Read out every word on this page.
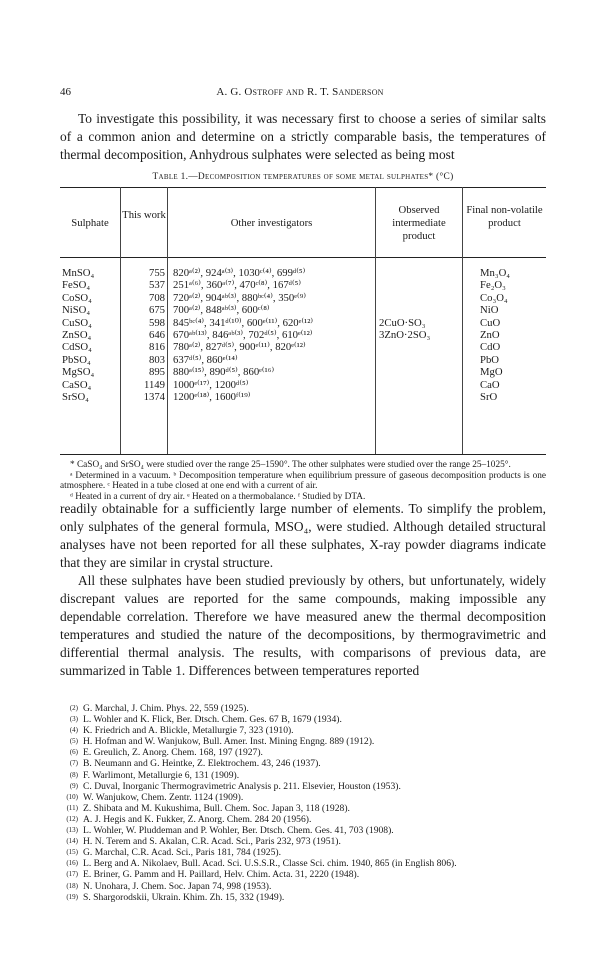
46	A. G. Ostroff and R. T. Sanderson
To investigate this possibility, it was necessary first to choose a series of similar salts of a common anion and determine on a strictly comparable basis, the temperatures of thermal decomposition, Anhydrous sulphates were selected as being most
Table 1.—Decomposition temperatures of some metal sulphates* (°C)
Sulphate
This work
Other investigators
Observed intermediate product
Final non-volatile product
MnSO₄
FeSO₄
CoSO₄
NiSO₄
CuSO₄
ZnSO₄
CdSO₄
PbSO₄
MgSO₄
CaSO₄
SrSO₄
755
537
708
675
598
646
816
803
895
1149
1374
820ᵃ⁽²⁾, 924ᵃ⁽³⁾, 1030ᶜ⁽⁴⁾, 699ᵈ⁽⁵⁾
251ᵃ⁽⁶⁾, 360ᵃ⁽⁷⁾, 470ᶜ⁽⁸⁾, 167ᵈ⁽⁵⁾
720ᵃ⁽²⁾, 904ᵃᵇ⁽³⁾, 880ᵇᶜ⁽⁴⁾, 350ᵉ⁽⁹⁾
700ᵃ⁽²⁾, 848ᵃᵇ⁽³⁾, 600ᶜ⁽⁸⁾
845ᵇᶜ⁽⁴⁾, 341ᵈ⁽¹⁰⁾, 600ᵉ⁽¹¹⁾, 620ᵉ⁽¹²⁾
670ᵃᵇ⁽¹³⁾, 846ᵃᵇ⁽³⁾, 702ᵈ⁽⁵⁾, 610ᵉ⁽¹²⁾
780ᵃ⁽²⁾, 827ᵈ⁽⁵⁾, 900ᵉ⁽¹¹⁾, 820ᵉ⁽¹²⁾
637ᵈ⁽⁵⁾, 860ᵉ⁽¹⁴⁾
880ᵃ⁽¹⁵⁾, 890ᵈ⁽⁵⁾, 860ᵉ⁽¹⁶⁾
1000ᵉ⁽¹⁷⁾, 1200ᵈ⁽⁵⁾
1200ᵉ⁽¹⁸⁾, 1600ᶠ⁽¹⁹⁾
2CuO·SO₃
3ZnO·2SO₃
Mn₃O₄
Fe₂O₃
Co₃O₄
NiO
CuO
ZnO
CdO
PbO
MgO
CaO
SrO

* CaSO₄ and SrSO₄ were studied over the range 25–1590°. The other sulphates were studied over the range 25–1025°.

ᵃ Determined in a vacuum. ᵇ Decomposition temperature when equilibrium pressure of gaseous decomposition products is one atmosphere. ᶜ Heated in a tube closed at one end with a current of air.

ᵈ Heated in a current of dry air. ᵉ Heated on a thermobalance. ᶠ Studied by DTA.

readily obtainable for a sufficiently large number of elements. To simplify the problem, only sulphates of the general formula, MSO₄, were studied. Although detailed structural analyses have not been reported for all these sulphates, X-ray powder diagrams indicate that they are similar in crystal structure.
All these sulphates have been studied previously by others, but unfortunately, widely discrepant values are reported for the same compounds, making impossible any dependable correlation. Therefore we have measured anew the thermal decomposition temperatures and studied the nature of the decompositions, by thermogravimetric and differential thermal analysis. The results, with comparisons of previous data, are summarized in Table 1. Differences between temperatures reported
(2) G. Marchal, J. Chim. Phys. 22, 559 (1925).
(3) L. Wohler and K. Flick, Ber. Dtsch. Chem. Ges. 67 B, 1679 (1934).
(4) K. Friedrich and A. Blickle, Metallurgie 7, 323 (1910).
(5) H. Hofman and W. Wanjukow, Bull. Amer. Inst. Mining Engng. 889 (1912).
(6) E. Greulich, Z. Anorg. Chem. 168, 197 (1927).
(7) B. Neumann and G. Heintke, Z. Elektrochem. 43, 246 (1937).
(8) F. Warlimont, Metallurgie 6, 131 (1909).
(9) C. Duval, Inorganic Thermogravimetric Analysis p. 211. Elsevier, Houston (1953).
(10) W. Wanjukow, Chem. Zentr. 1124 (1909).
(11) Z. Shibata and M. Kukushima, Bull. Chem. Soc. Japan 3, 118 (1928).
(12) A. J. Hegis and K. Fukker, Z. Anorg. Chem. 284 20 (1956).
(13) L. Wohler, W. Pluddeman and P. Wohler, Ber. Dtsch. Chem. Ges. 41, 703 (1908).
(14) H. N. Terem and S. Akalan, C.R. Acad. Sci., Paris 232, 973 (1951).
(15) G. Marchal, C.R. Acad. Sci., Paris 181, 784 (1925).
(16) L. Berg and A. Nikolaev, Bull. Acad. Sci. U.S.S.R., Classe Sci. chim. 1940, 865 (in English 806).
(17) E. Briner, G. Pamm and H. Paillard, Helv. Chim. Acta. 31, 2220 (1948).
(18) N. Unohara, J. Chem. Soc. Japan 74, 998 (1953).
(19) S. Shargorodskii, Ukrain. Khim. Zh. 15, 332 (1949).
